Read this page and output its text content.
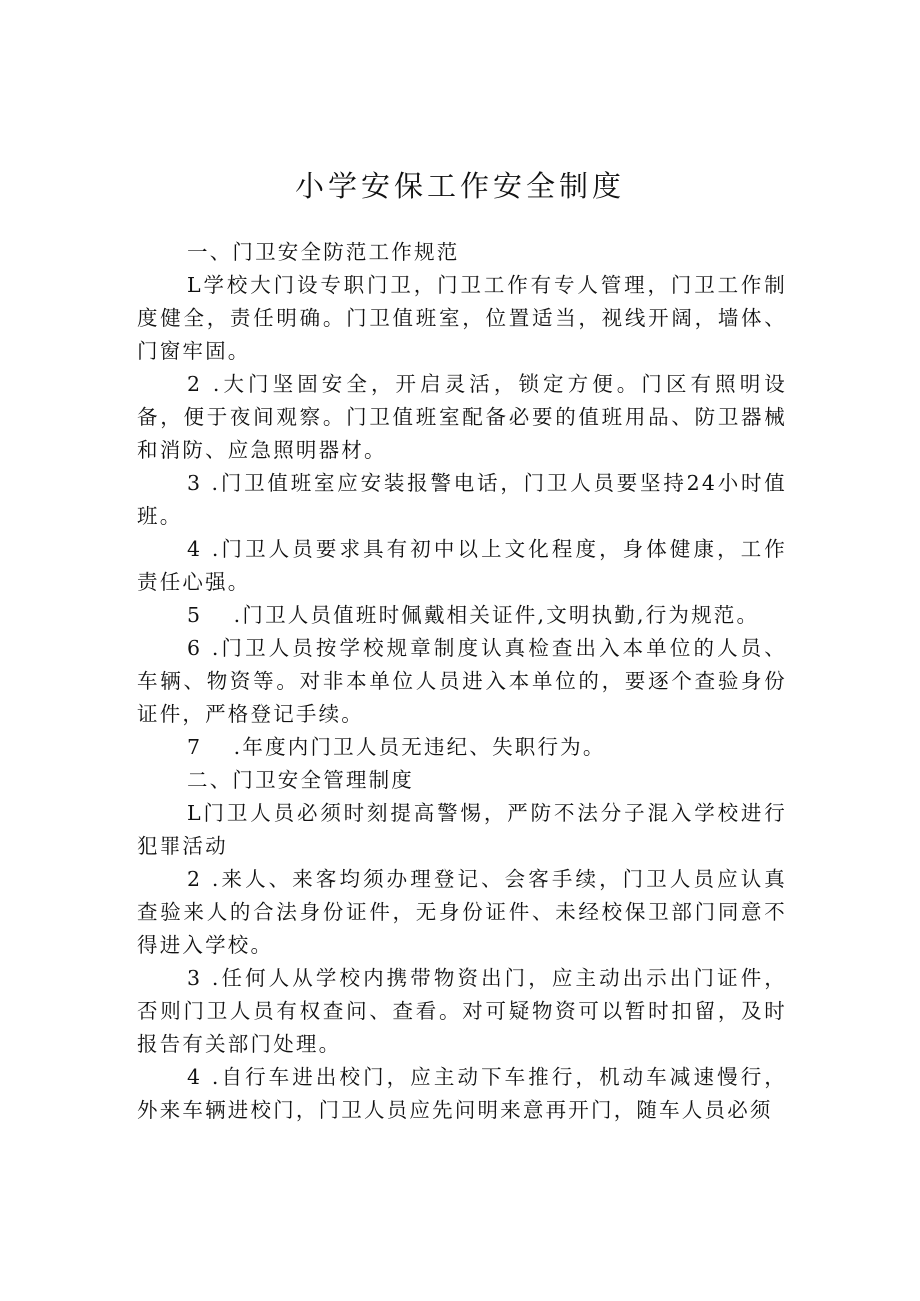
小学安保工作安全制度

一、门卫安全防范工作规范

L学校大门设专职门卫，门卫工作有专人管理，门卫工作制度健全，责任明确。门卫值班室，位置适当，视线开阔，墙体、门窗牢固。

2 .大门坚固安全，开启灵活，锁定方便。门区有照明设备，便于夜间观察。门卫值班室配备必要的值班用品、防卫器械和消防、应急照明器材。

3 .门卫值班室应安装报警电话，门卫人员要坚持24小时值班。

4 .门卫人员要求具有初中以上文化程度，身体健康，工作责任心强。

5　 .门卫人员值班时佩戴相关证件,文明执勤,行为规范。

6 .门卫人员按学校规章制度认真检查出入本单位的人员、车辆、物资等。对非本单位人员进入本单位的，要逐个查验身份证件，严格登记手续。

7　 .年度内门卫人员无违纪、失职行为。

二、门卫安全管理制度

L门卫人员必须时刻提高警惕，严防不法分子混入学校进行犯罪活动

2 .来人、来客均须办理登记、会客手续，门卫人员应认真查验来人的合法身份证件，无身份证件、未经校保卫部门同意不得进入学校。

3 .任何人从学校内携带物资出门，应主动出示出门证件，否则门卫人员有权查问、查看。对可疑物资可以暂时扣留，及时报告有关部门处理。

4 .自行车进出校门，应主动下车推行，机动车减速慢行，外来车辆进校门，门卫人员应先问明来意再开门，随车人员必须
